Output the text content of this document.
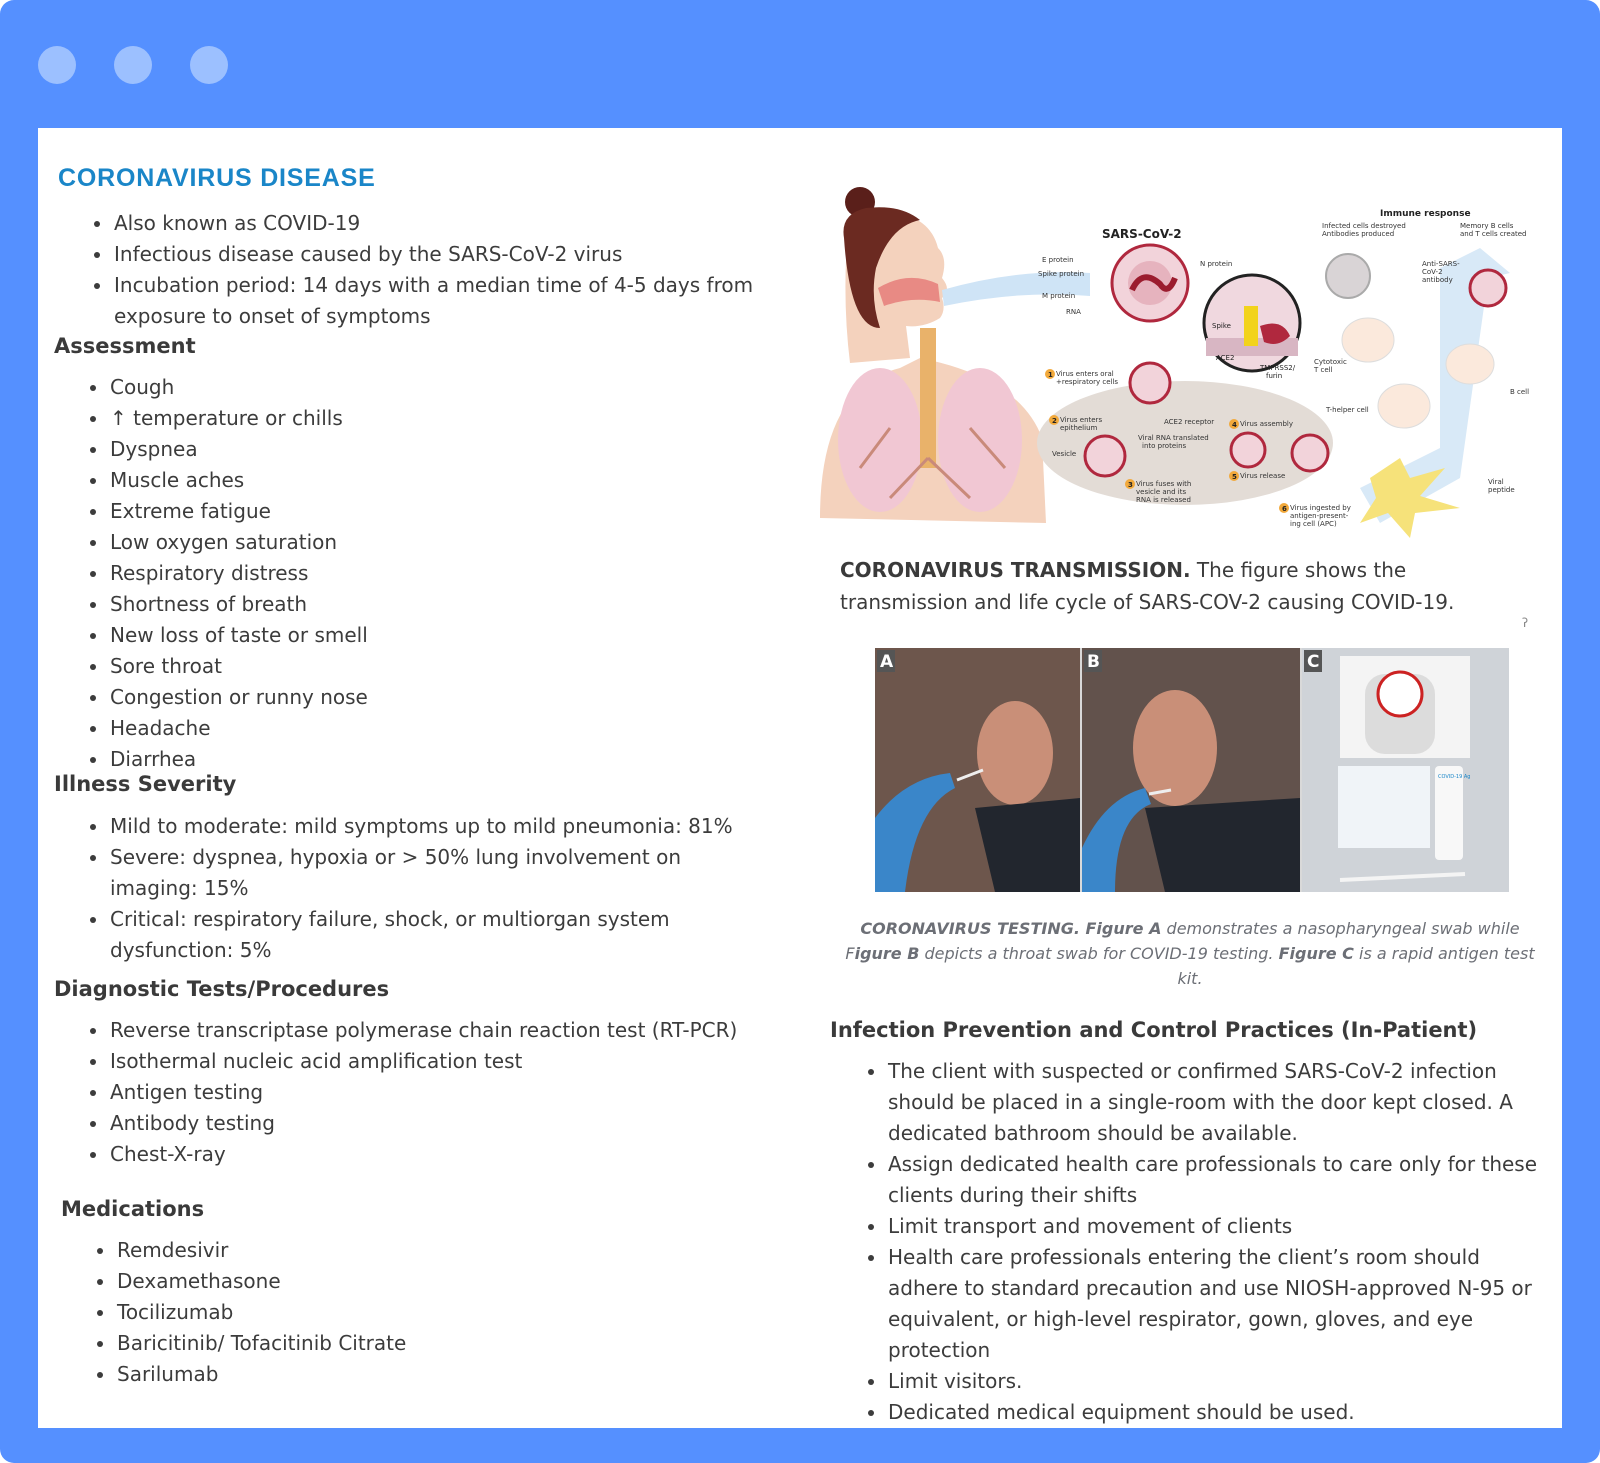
CORONAVIRUS DISEASE
Also known as COVID-19
Infectious disease caused by the SARS-CoV-2 virus
Incubation period: 14 days with a median time of 4-5 days from exposure to onset of symptoms
Assessment
Cough
↑ temperature or chills
Dyspnea
Muscle aches
Extreme fatigue
Low oxygen saturation
Respiratory distress
Shortness of breath
New loss of taste or smell
Sore throat
Congestion or runny nose
Headache
Diarrhea
Illness Severity
Mild to moderate: mild symptoms up to mild pneumonia: 81%
Severe: dyspnea, hypoxia or > 50% lung involvement on imaging: 15%
Critical: respiratory failure, shock, or multiorgan system dysfunction: 5%
Diagnostic Tests/Procedures
Reverse transcriptase polymerase chain reaction test (RT-PCR)
Isothermal nucleic acid amplification test
Antigen testing
Antibody testing
Chest-X-ray
Medications
Remdesivir
Dexamethasone
Tocilizumab
Baricitinib/ Tofacitinib Citrate
Sarilumab
SARS-CoV-2
E protein
Spike protein
M protein
RNA
N protein
Spike
ACE2
TMPRSS2/
furin
Virus enters oral
+respiratory cells
Virus enters
epithelium
ACE2 receptor
Vesicle
Viral RNA translated
into proteins
Virus fuses with
vesicle and its
RNA is released
Virus assembly
Virus release
Immune response
Infected cells destroyed
Antibodies produced
Memory B cells
and T cells created
Anti-SARS-
CoV-2
antibody
Cytotoxic
T cell
B cell
T-helper cell
Viral
peptide
Virus ingested by
antigen-present-
ing cell (APC)
1
2
3
4
5
6

CORONAVIRUS TRANSMISSION. The figure shows the transmission and life cycle of SARS-COV-2 causing COVID-19.

ʔ
A	B
COVID-19 Ag
C

CORONAVIRUS TESTING. Figure A demonstrates a nasopharyngeal swab while Figure B depicts a throat swab for COVID-19 testing. Figure C is a rapid antigen test kit.

Infection Prevention and Control Practices (In-Patient)
The client with suspected or confirmed SARS-CoV-2 infection should be placed in a single-room with the door kept closed. A dedicated bathroom should be available.
Assign dedicated health care professionals to care only for these clients during their shifts
Limit transport and movement of clients
Health care professionals entering the client’s room should adhere to standard precaution and use NIOSH-approved N-95 or equivalent, or high-level respirator, gown, gloves, and eye protection
Limit visitors.
Dedicated medical equipment should be used.
